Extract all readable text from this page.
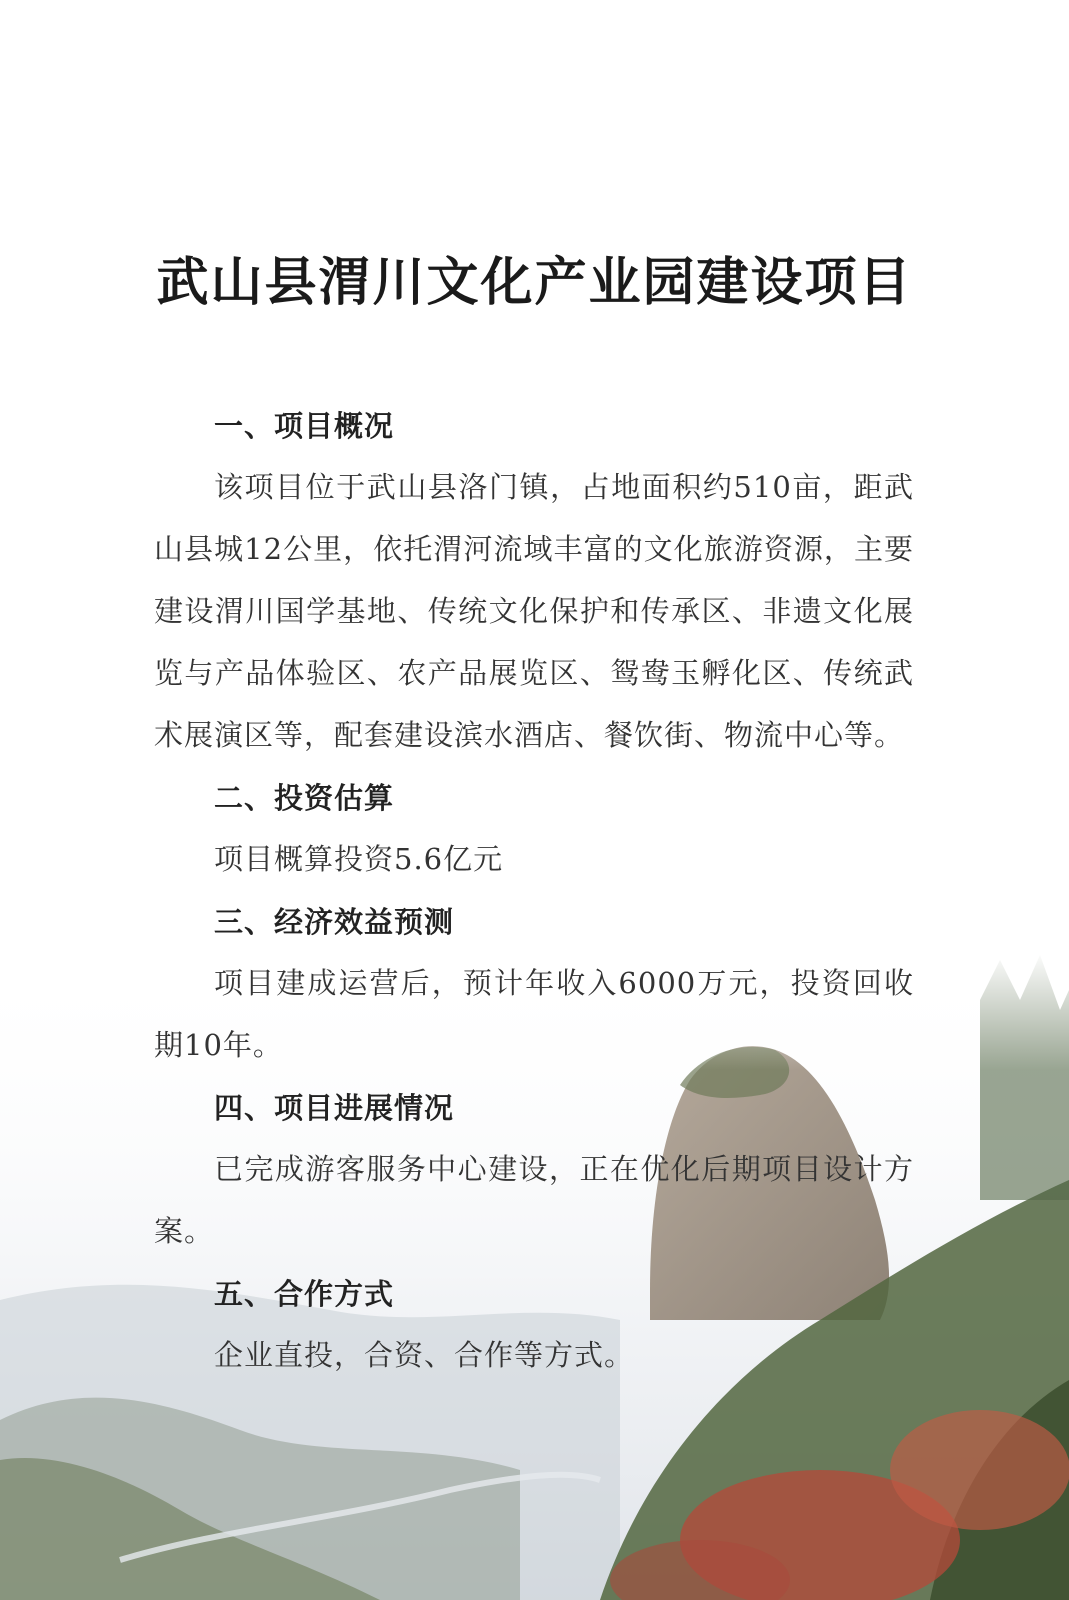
武山县渭川文化产业园建设项目
一、项目概况

该项目位于武山县洛门镇，占地面积约510亩，距武山县城12公里，依托渭河流域丰富的文化旅游资源，主要建设渭川国学基地、传统文化保护和传承区、非遗文化展览与产品体验区、农产品展览区、鸳鸯玉孵化区、传统武术展演区等，配套建设滨水酒店、餐饮街、物流中心等。

二、投资估算

项目概算投资5.6亿元

三、经济效益预测

项目建成运营后，预计年收入6000万元，投资回收期10年。

四、项目进展情况

已完成游客服务中心建设，正在优化后期项目设计方案。

五、合作方式

企业直投，合资、合作等方式。
